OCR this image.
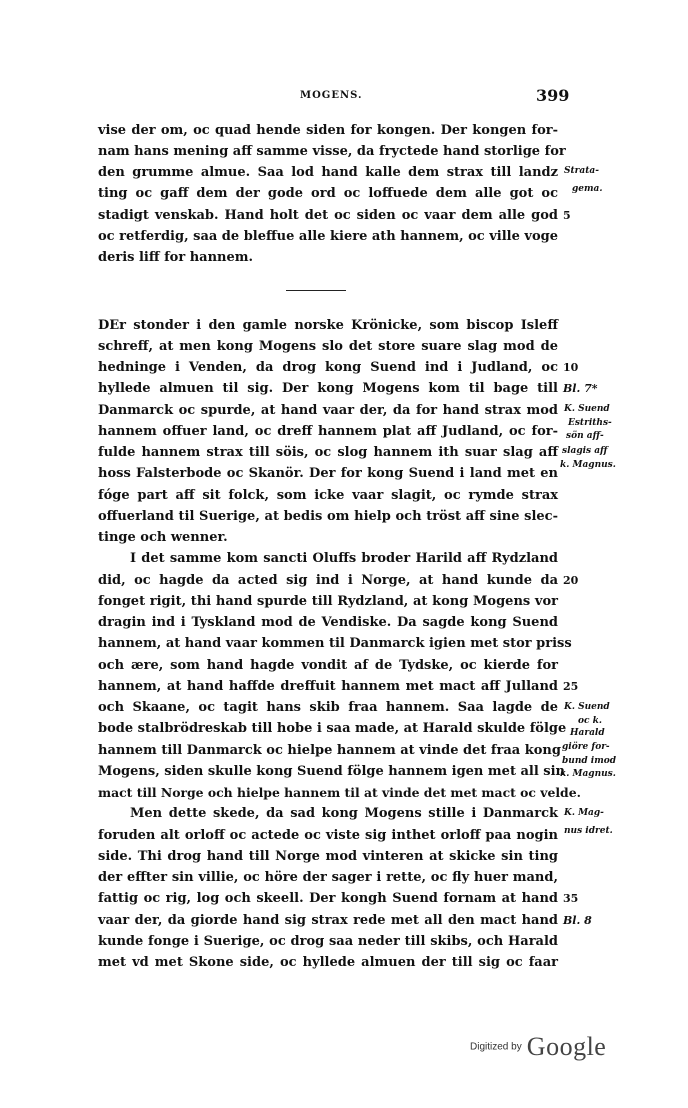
MOGENS.	399
vise der om, oc quad hende siden for kongen. Der kongen for-
nam hans mening aff samme visse, da fryctede hand storlige for
den grumme almue. Saa lod hand kalle dem strax till landz
ting oc gaff dem der gode ord oc loffuede dem alle got oc
stadigt venskab. Hand holt det oc siden oc vaar dem alle god
oc retferdig, saa de bleffue alle kiere ath hannem, oc ville voge
deris liff for hannem.
DEr stonder i den gamle norske Krönicke, som biscop Isleff
schreff, at men kong Mogens slo det store suare slag mod de
hedninge i Venden, da drog kong Suend ind i Judland, oc
hyllede almuen til sig. Der kong Mogens kom til bage till
Danmarck oc spurde, at hand vaar der, da for hand strax mod
hannem offuer land, oc dreff hannem plat aff Judland, oc for-
fulde hannem strax till söis, oc slog hannem ith suar slag aff
hoss Falsterbode oc Skanör. Der for kong Suend i land met en
fóge part aff sit folck, som icke vaar slagit, oc rymde strax
offuerland til Suerige, at bedis om hielp och tröst aff sine slec-
tinge och wenner.
I det samme kom sancti Oluffs broder Harild aff Rydzland
did, oc hagde da acted sig ind i Norge, at hand kunde da
fonget rigit, thi hand spurde till Rydzland, at kong Mogens vor
dragin ind i Tyskland mod de Vendiske. Da sagde kong Suend
hannem, at hand vaar kommen til Danmarck igien met stor priss
och ære, som hand hagde vondit af de Tydske, oc kierde for
hannem, at hand haffde dreffuit hannem met mact aff Julland
och Skaane, oc tagit hans skib fraa hannem. Saa lagde de
bode stalbrödreskab till hobe i saa made, at Harald skulde fölge
hannem till Danmarck oc hielpe hannem at vinde det fraa kong
Mogens, siden skulle kong Suend fölge hannem igen met all sin
mact till Norge och hielpe hannem til at vinde det met mact oc velde.
Men dette skede, da sad kong Mogens stille i Danmarck
foruden alt orloff oc actede oc viste sig inthet orloff paa nogin
side. Thi drog hand till Norge mod vinteren at skicke sin ting
der effter sin villie, oc höre der sager i rette, oc fly huer mand,
fattig oc rig, log och skeell. Der kongh Suend fornam at hand
vaar der, da giorde hand sig strax rede met all den mact hand
kunde fonge i Suerige, oc drog saa neder till skibs, och Harald
met vd met Skone side, oc hyllede almuen der till sig oc faar
5
10
Bl. 7*
20
25
35
Bl. 8
Strata-
gema.
K. Suend
Estriths-
sön aff-
slagis aff
k. Magnus.
K. Suend
oc k.
Harald
giöre for-
bund imod
k. Magnus.
K. Mag-
nus idret.
Digitized by Google
